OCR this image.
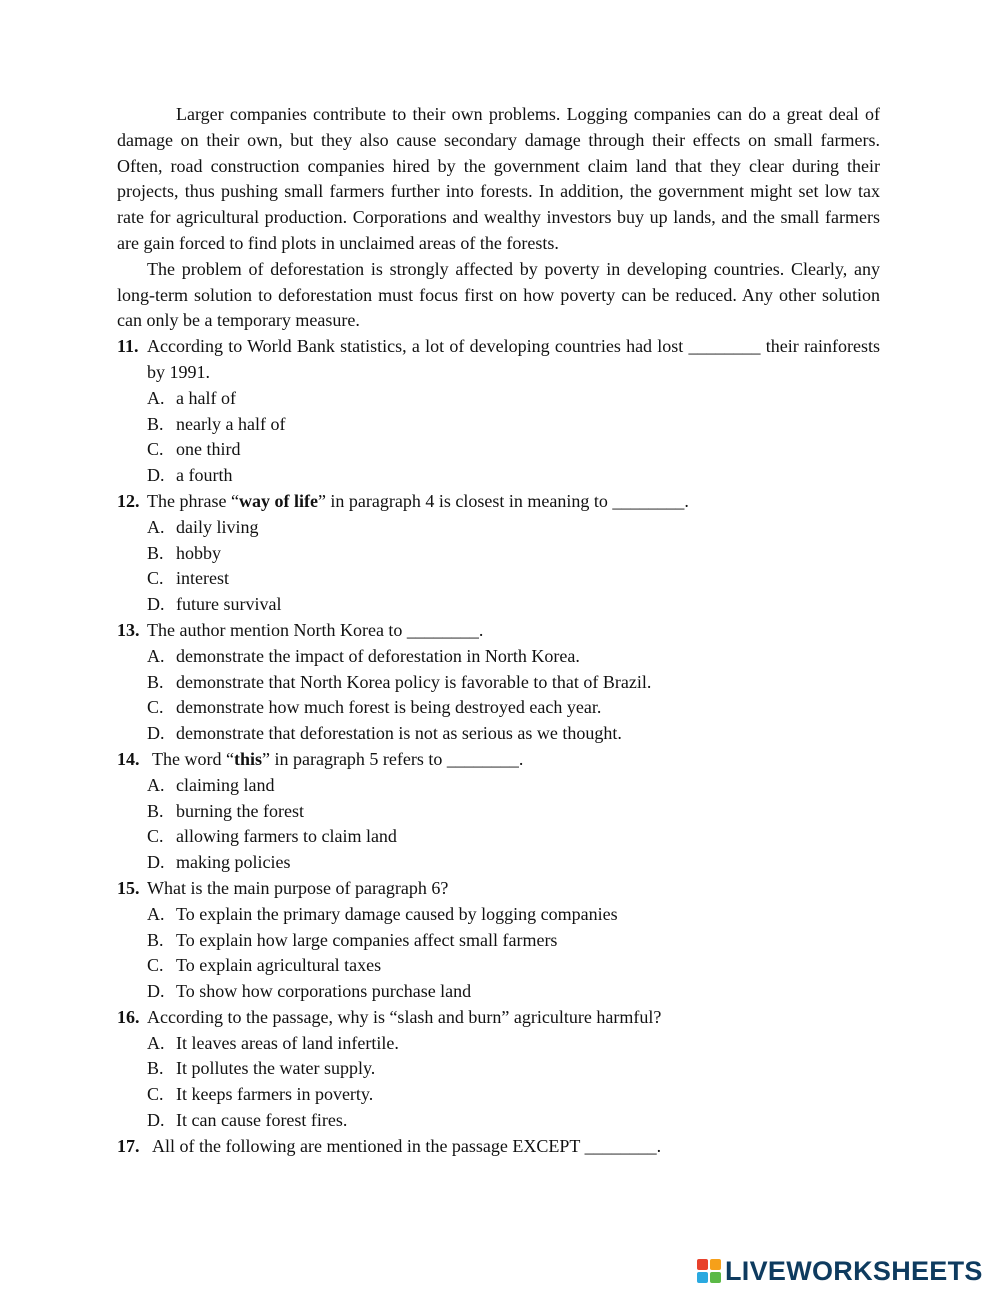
Larger companies contribute to their own problems. Logging companies can do a great deal of damage on their own, but they also cause secondary damage through their effects on small farmers. Often, road construction companies hired by the government claim land that they clear during their projects, thus pushing small farmers further into forests. In addition, the government might set low tax rate for agricultural production. Corporations and wealthy investors buy up lands, and the small farmers are gain forced to find plots in unclaimed areas of the forests.

The problem of deforestation is strongly affected by poverty in developing countries. Clearly, any long-term solution to deforestation must focus first on how poverty can be reduced. Any other solution can only be a temporary measure.

11. According to World Bank statistics, a lot of developing countries had lost ________ their rainforests by 1991.

A. a half of
B. nearly a half of
C. one third
D. a fourth

12. The phrase “way of life” in paragraph 4 is closest in meaning to ________.

A. daily living
B. hobby
C. interest
D. future survival

13. The author mention North Korea to ________.

A. demonstrate the impact of deforestation in North Korea.
B. demonstrate that North Korea policy is favorable to that of Brazil.
C. demonstrate how much forest is being destroyed each year.
D. demonstrate that deforestation is not as serious as we thought.

14. The word “this” in paragraph 5 refers to ________.

A. claiming land
B. burning the forest
C. allowing farmers to claim land
D. making policies

15. What is the main purpose of paragraph 6?

A. To explain the primary damage caused by logging companies
B. To explain how large companies affect small farmers
C. To explain agricultural taxes
D. To show how corporations purchase land

16. According to the passage, why is “slash and burn” agriculture harmful?

A. It leaves areas of land infertile.
B. It pollutes the water supply.
C. It keeps farmers in poverty.
D. It can cause forest fires.

17. All of the following are mentioned in the passage EXCEPT ________.

LIVEWORKSHEETS
